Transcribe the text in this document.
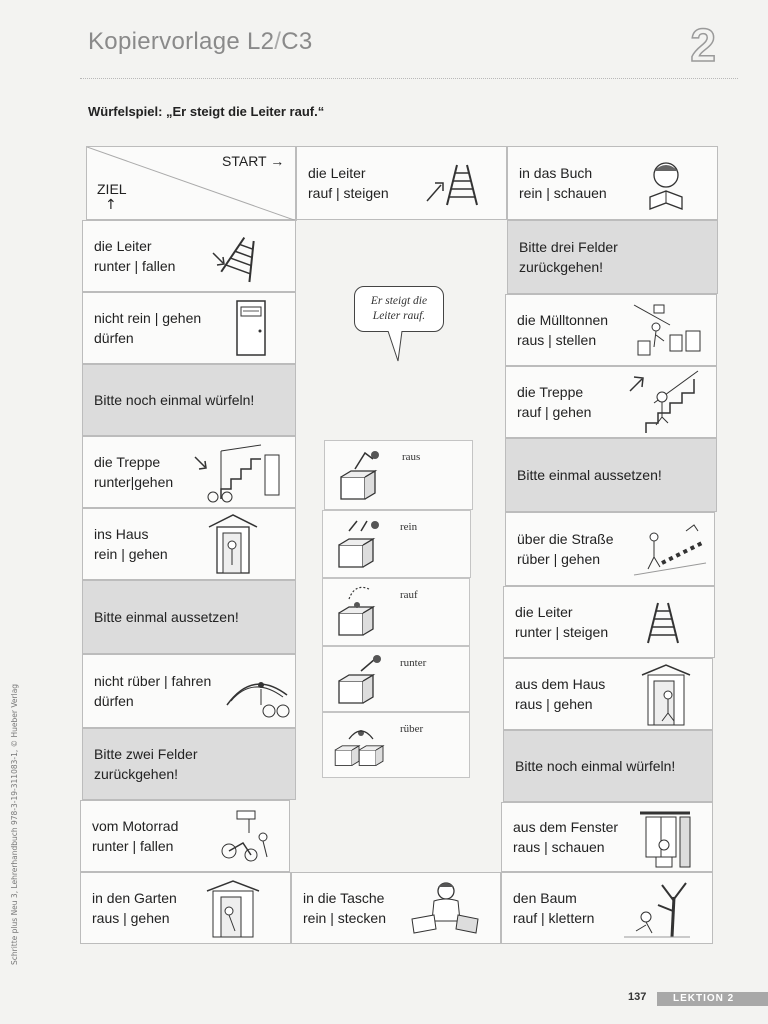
Kopiervorlage L2/C3	2
Würfelspiel: „Er steigt die Leiter rauf.“
Schritte plus Neu 3, Lehrerhandbuch 978-3-19-311083-1, © Hueber Verlag
START →
ZIEL
↑
die Leiter
rauf | steigen
in das Buch
rein | schauen
die Leiter
runter | fallen
nicht rein | gehen
dürfen
Bitte noch einmal würfeln!
die Treppe
runter|gehen
ins Haus
rein | gehen
Bitte einmal aussetzen!
nicht rüber | fahren
dürfen
Bitte zwei Felder
zurückgehen!
vom Motorrad
runter | fallen
in den Garten
raus | gehen
in die Tasche
rein | stecken
den Baum
rauf | klettern
Bitte drei Felder
zurückgehen!
die Mülltonnen
raus | stellen
die Treppe
rauf | gehen
Bitte einmal aussetzen!
über die Straße
rüber | gehen
die Leiter
runter | steigen
aus dem Haus
raus | gehen
Bitte noch einmal würfeln!
aus dem Fenster
raus | schauen
Er steigt die
Leiter rauf.
raus
rein
rauf
runter
rüber
137	LEKTION 2
